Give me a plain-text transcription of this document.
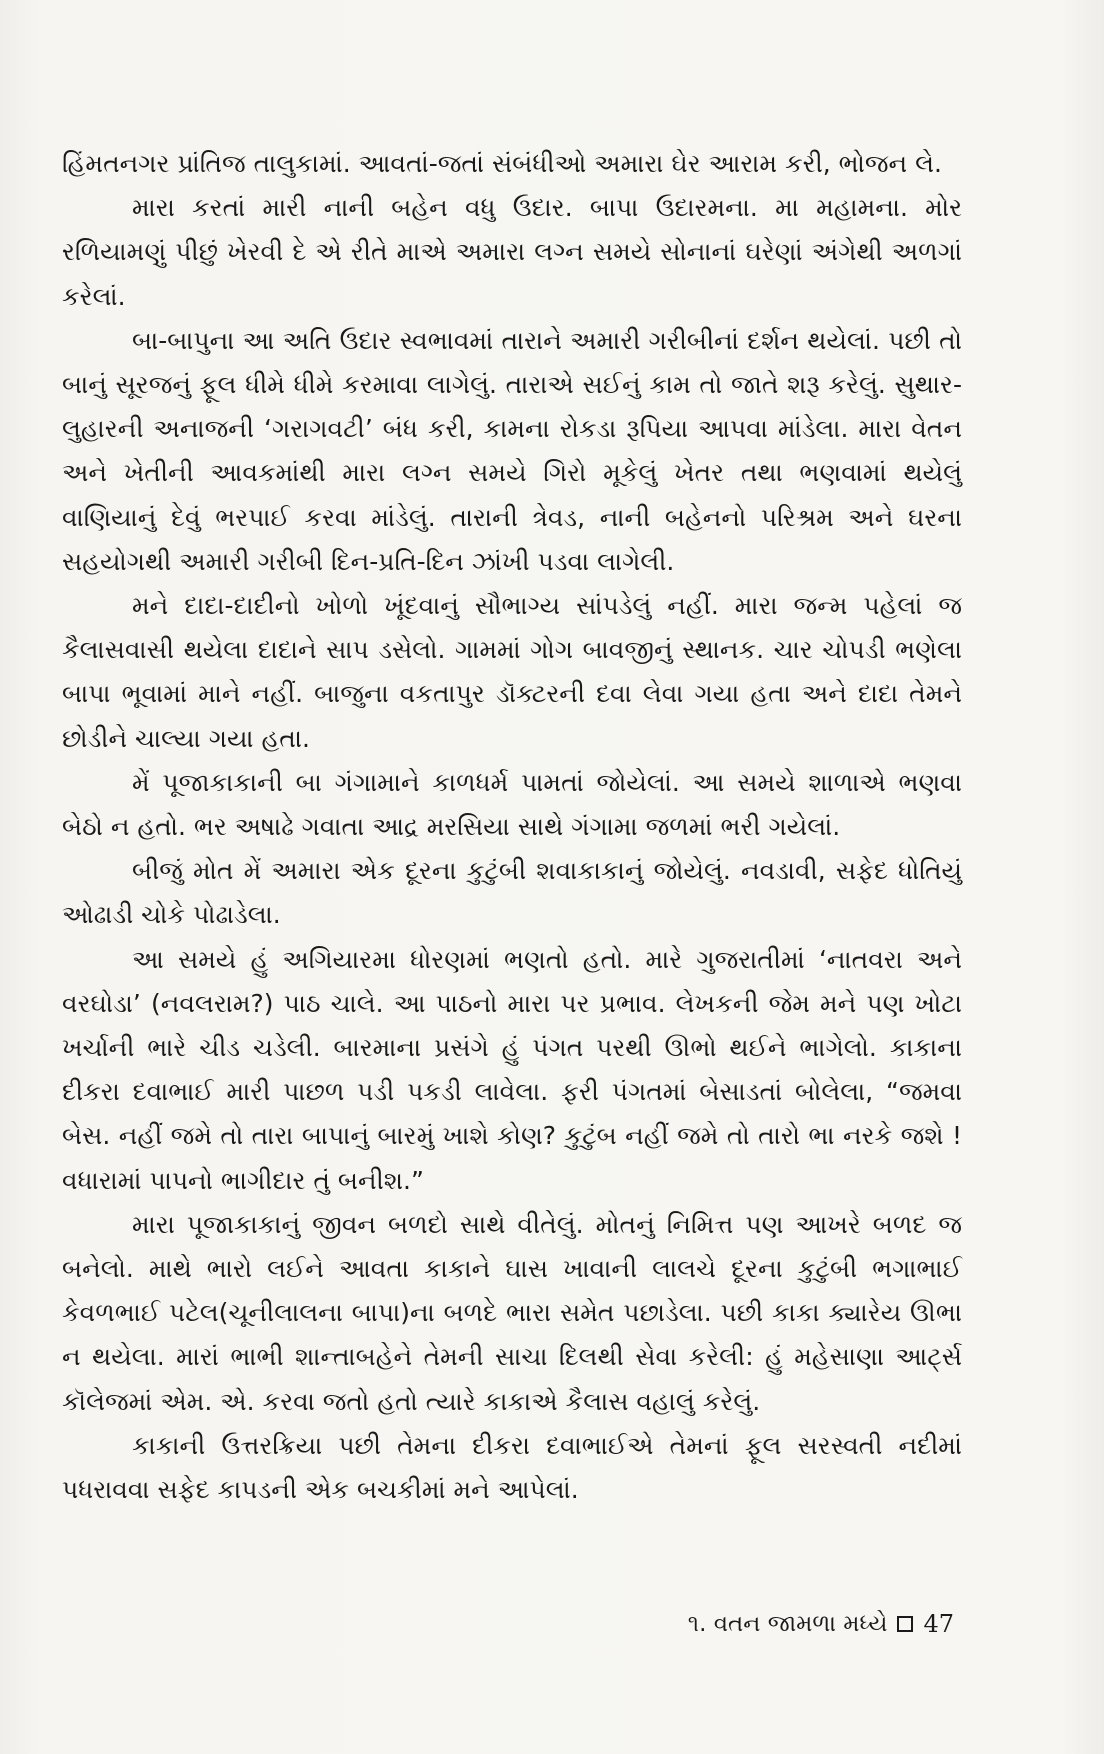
હિંમતનગર પ્રાંતિજ તાલુકામાં. આવતાં-જતાં સંબંધીઓ અમારા ઘેર આરામ કરી, ભોજન લે.

મારા કરતાં મારી નાની બહેન વધુ ઉદાર. બાપા ઉદારમના. મા મહામના. મોર રળિયામણું પીછું ખેરવી દે એ રીતે માએ અમારા લગ્ન સમયે સોનાનાં ઘરેણાં અંગેથી અળગાં કરેલાં.

બા-બાપુના આ અતિ ઉદાર સ્વભાવમાં તારાને અમારી ગરીબીનાં દર્શન થયેલાં. પછી તો બાનું સૂરજનું ફૂલ ધીમે ધીમે કરમાવા લાગેલું. તારાએ સઈનું કામ તો જાતે શરૂ કરેલું. સુથાર-લુહારની અનાજની ‘ગરાગવટી’ બંધ કરી, કામના રોકડા રૂપિયા આપવા માંડેલા. મારા વેતન અને ખેતીની આવકમાંથી મારા લગ્ન સમયે ગિરો મૂકેલું ખેતર તથા ભણવામાં થયેલું વાણિયાનું દેવું ભરપાઈ કરવા માંડેલું. તારાની ત્રેવડ, નાની બહેનનો પરિશ્રમ અને ઘરના સહયોગથી અમારી ગરીબી દિન-પ્રતિ-દિન ઝાંખી પડવા લાગેલી.

મને દાદા-દાદીનો ખોળો ખૂંદવાનું સૌભાગ્ય સાંપડેલું નહીં. મારા જન્મ પહેલાં જ કૈલાસવાસી થયેલા દાદાને સાપ ડસેલો. ગામમાં ગોગ બાવજીનું સ્થાનક. ચાર ચોપડી ભણેલા બાપા ભૂવામાં માને નહીં. બાજુના વકતાપુર ડૉક્ટરની દવા લેવા ગયા હતા અને દાદા તેમને છોડીને ચાલ્યા ગયા હતા.

મેં પૂજાકાકાની બા ગંગામાને કાળધર્મ પામતાં જોયેલાં. આ સમયે શાળાએ ભણવા બેઠો ન હતો. ભર અષાઢે ગવાતા આદ્ર મરસિયા સાથે ગંગામા જળમાં ભરી ગયેલાં.

બીજું મોત મેં અમારા એક દૂરના કુટુંબી શવાકાકાનું જોયેલું. નવડાવી, સફેદ ધોતિયું ઓઢાડી ચોકે પોઢાડેલા.

આ સમયે હું અગિયારમા ધોરણમાં ભણતો હતો. મારે ગુજરાતીમાં ‘નાતવરા અને વરઘોડા’ (નવલરામ?) પાઠ ચાલે. આ પાઠનો મારા પર પ્રભાવ. લેખકની જેમ મને પણ ખોટા ખર્ચાની ભારે ચીડ ચડેલી. બારમાના પ્રસંગે હું પંગત પરથી ઊભો થઈને ભાગેલો. કાકાના દીકરા દવાભાઈ મારી પાછળ પડી પકડી લાવેલા. ફરી પંગતમાં બેસાડતાં બોલેલા, “જમવા બેસ. નહીં જમે તો તારા બાપાનું બારમું ખાશે કોણ? કુટુંબ નહીં જમે તો તારો ભા નરકે જશે ! વધારામાં પાપનો ભાગીદાર તું બનીશ.”

મારા પૂજાકાકાનું જીવન બળદો સાથે વીતેલું. મોતનું નિમિત્ત પણ આખરે બળદ જ બનેલો. માથે ભારો લઈને આવતા કાકાને ઘાસ ખાવાની લાલચે દૂરના કુટુંબી ભગાભાઈ કેવળભાઈ પટેલ(ચૂનીલાલના બાપા)ના બળદે ભારા સમેત પછાડેલા. પછી કાકા ક્યારેય ઊભા ન થયેલા. મારાં ભાભી શાન્તાબહેને તેમની સાચા દિલથી સેવા કરેલી: હું મહેસાણા આર્ટ્સ કૉલેજમાં એમ. એ. કરવા જતો હતો ત્યારે કાકાએ કૈલાસ વહાલું કરેલું.

કાકાની ઉત્તરક્રિયા પછી તેમના દીકરા દવાભાઈએ તેમનાં ફૂલ સરસ્વતી નદીમાં પધરાવવા સફેદ કાપડની એક બચકીમાં મને આપેલાં.

૧. વતન જામળા મધ્યે 47
